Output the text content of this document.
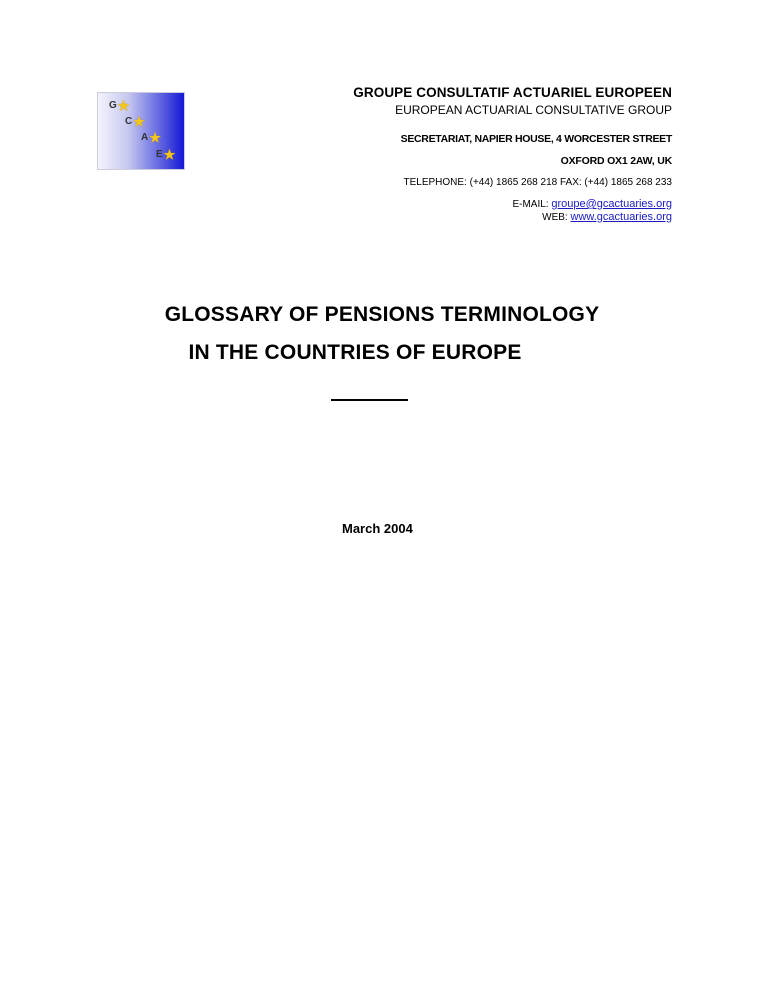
G ★
C ★
A ★
E ★

GROUPE CONSULTATIF ACTUARIEL EUROPEEN

EUROPEAN ACTUARIAL CONSULTATIVE GROUP

SECRETARIAT, NAPIER HOUSE, 4 WORCESTER STREET

OXFORD OX1 2AW, UK

TELEPHONE: (+44) 1865 268 218 FAX: (+44) 1865 268 233

E-MAIL: groupe@gcactuaries.org
WEB: www.gcactuaries.org

GLOSSARY OF PENSIONS TERMINOLOGY
IN THE COUNTRIES OF EUROPE

March 2004
